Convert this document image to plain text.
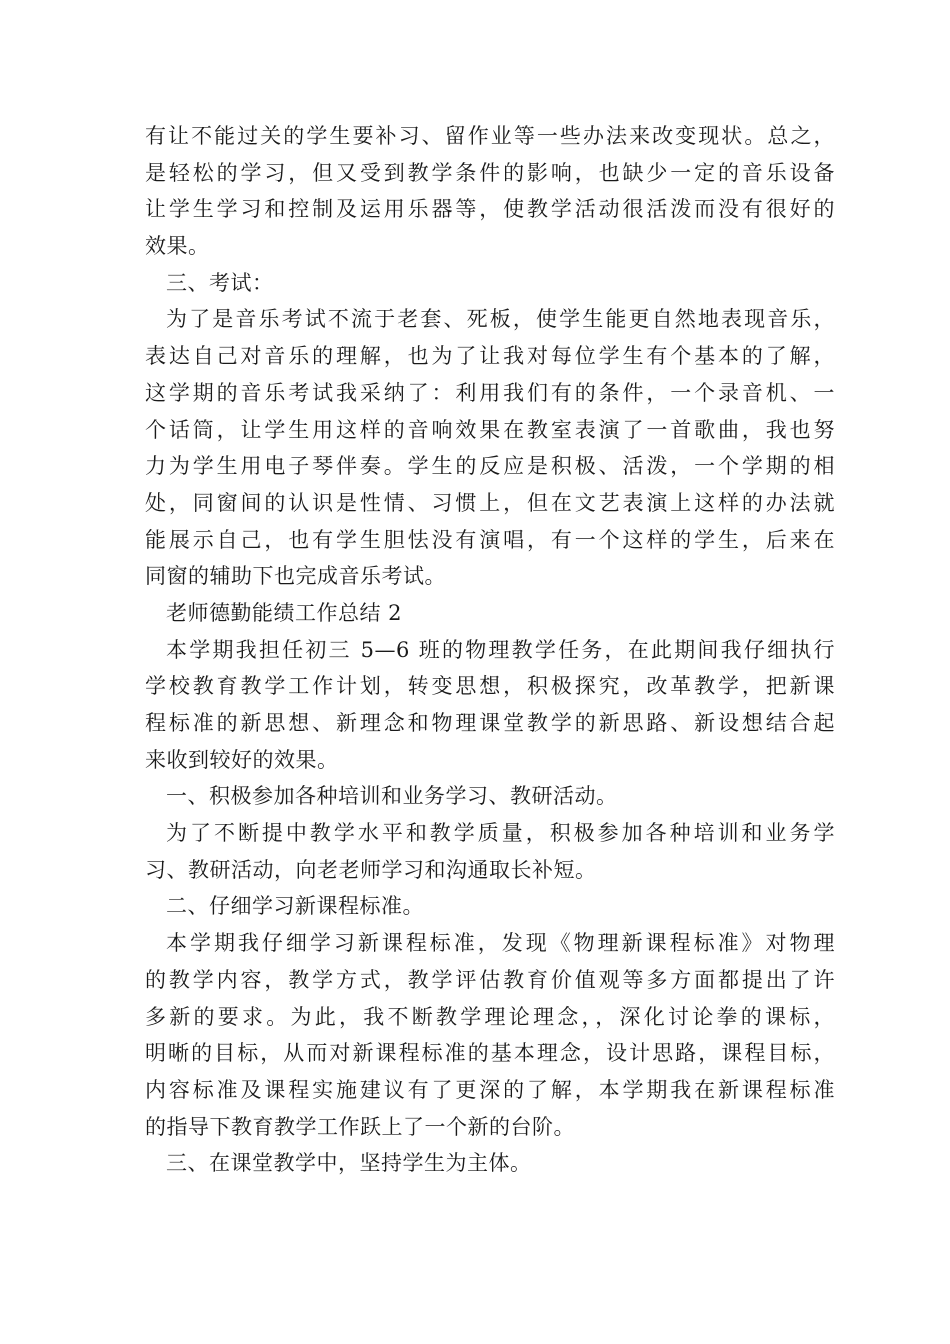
有让不能过关的学生要补习、留作业等一些办法来改变现状。总之，
是轻松的学习，但又受到教学条件的影响，也缺少一定的音乐设备
让学生学习和控制及运用乐器等，使教学活动很活泼而没有很好的
效果。
三、考试：
为了是音乐考试不流于老套、死板，使学生能更自然地表现音乐，
表达自己对音乐的理解，也为了让我对每位学生有个基本的了解，
这学期的音乐考试我采纳了：利用我们有的条件，一个录音机、一
个话筒，让学生用这样的音响效果在教室表演了一首歌曲，我也努
力为学生用电子琴伴奏。学生的反应是积极、活泼，一个学期的相
处，同窗间的认识是性情、习惯上，但在文艺表演上这样的办法就
能展示自己，也有学生胆怯没有演唱，有一个这样的学生，后来在
同窗的辅助下也完成音乐考试。
老师德勤能绩工作总结 2
本学期我担任初三 5—6 班的物理教学任务，在此期间我仔细执行
学校教育教学工作计划，转变思想，积极探究，改革教学，把新课
程标准的新思想、新理念和物理课堂教学的新思路、新设想结合起
来收到较好的效果。
一、积极参加各种培训和业务学习、教研活动。
为了不断提中教学水平和教学质量，积极参加各种培训和业务学
习、教研活动，向老老师学习和沟通取长补短。
二、仔细学习新课程标准。
本学期我仔细学习新课程标准，发现《物理新课程标准》对物理
的教学内容，教学方式，教学评估教育价值观等多方面都提出了许
多新的要求。为此，我不断教学理论理念，，深化讨论拳的课标，
明晰的目标，从而对新课程标准的基本理念，设计思路，课程目标，
内容标准及课程实施建议有了更深的了解，本学期我在新课程标准
的指导下教育教学工作跃上了一个新的台阶。
三、在课堂教学中，坚持学生为主体。
